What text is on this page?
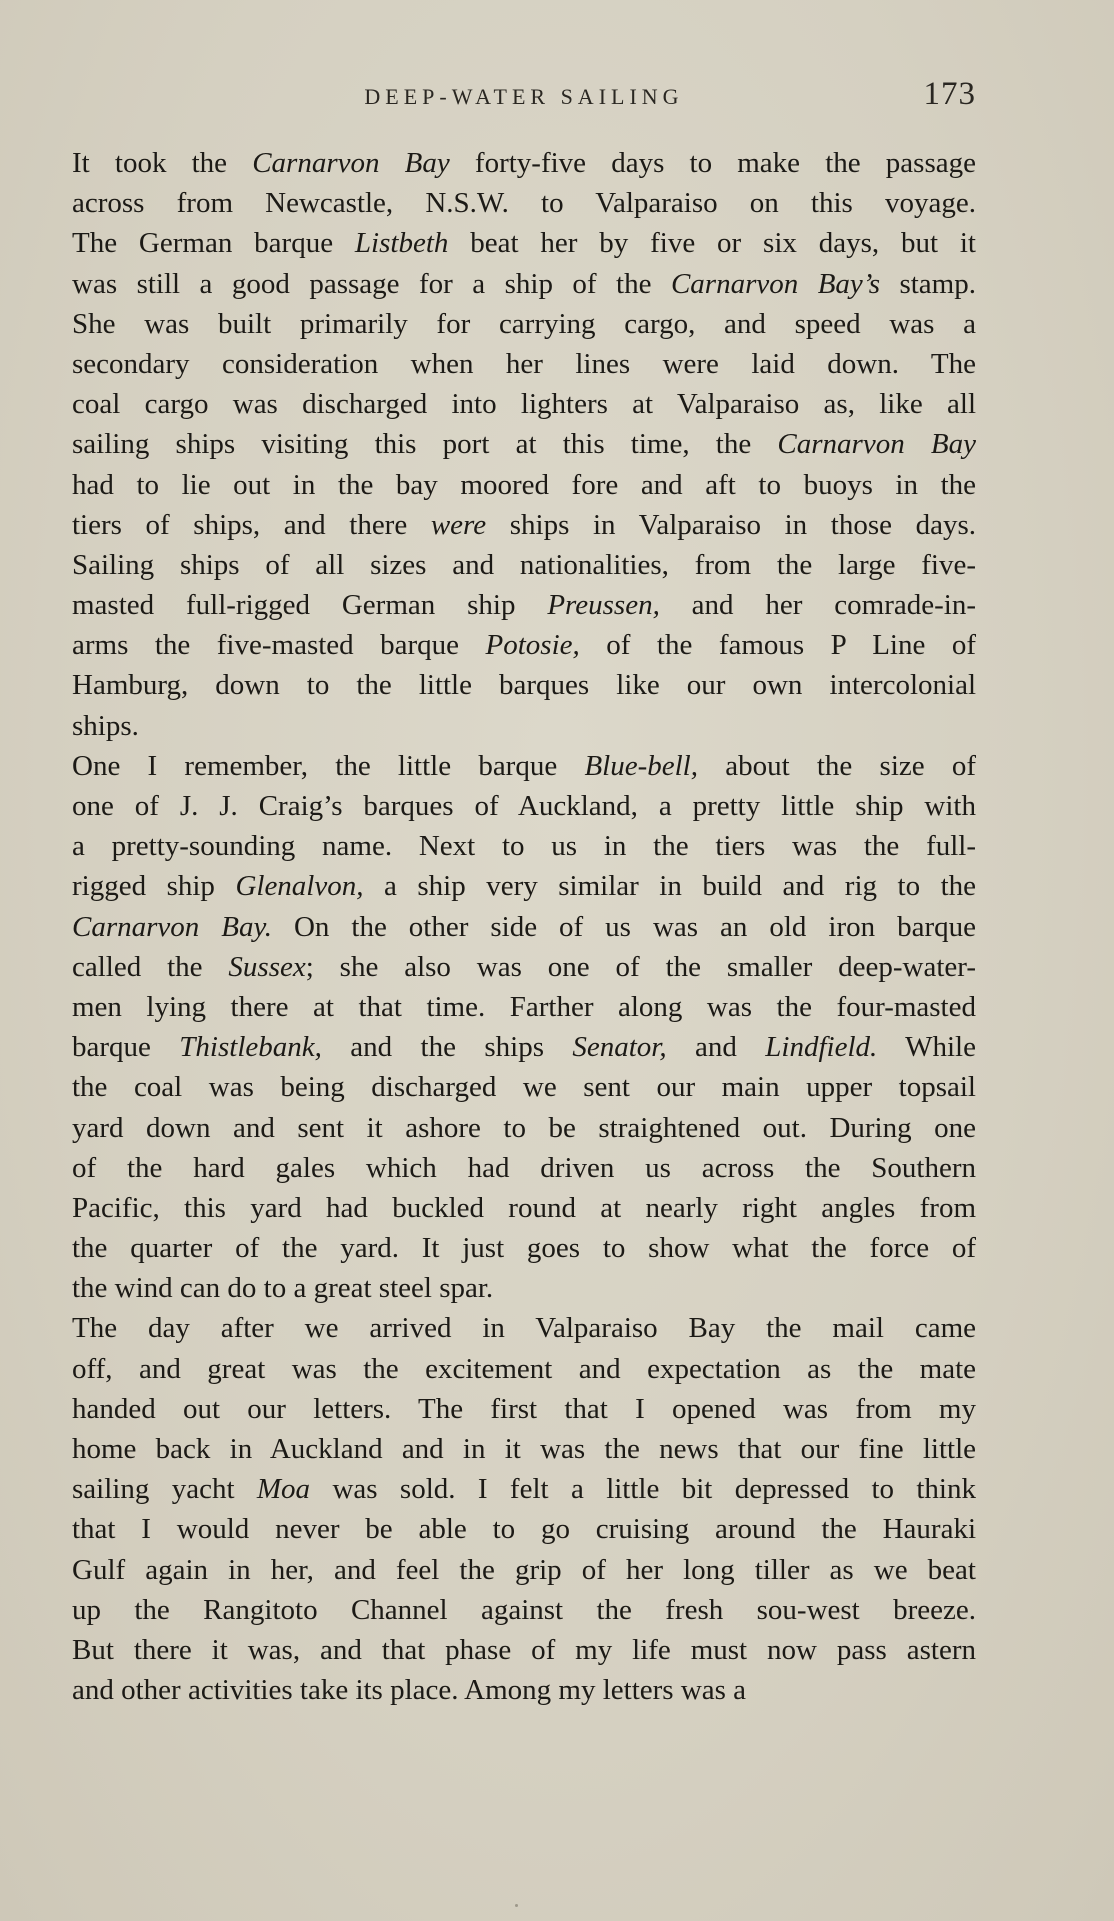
DEEP-WATER SAILING	173
It took the Carnarvon Bay forty-five days to make the passage
across from Newcastle, N.S.W. to Valparaiso on this voyage.
The German barque Listbeth beat her by five or six days, but it
was still a good passage for a ship of the Carnarvon Bay’s stamp.
She was built primarily for carrying cargo, and speed was a
secondary consideration when her lines were laid down. The
coal cargo was discharged into lighters at Valparaiso as, like all
sailing ships visiting this port at this time, the Carnarvon Bay
had to lie out in the bay moored fore and aft to buoys in the
tiers of ships, and there were ships in Valparaiso in those days.
Sailing ships of all sizes and nationalities, from the large five-
masted full-rigged German ship Preussen, and her comrade-in-
arms the five-masted barque Potosie, of the famous P Line of
Hamburg, down to the little barques like our own intercolonial
ships.
One I remember, the little barque Blue-bell, about the size of
one of J. J. Craig’s barques of Auckland, a pretty little ship with
a pretty-sounding name. Next to us in the tiers was the full-
rigged ship Glenalvon, a ship very similar in build and rig to the
Carnarvon Bay. On the other side of us was an old iron barque
called the Sussex; she also was one of the smaller deep-water-
men lying there at that time. Farther along was the four-masted
barque Thistlebank, and the ships Senator, and Lindfield. While
the coal was being discharged we sent our main upper topsail
yard down and sent it ashore to be straightened out. During one
of the hard gales which had driven us across the Southern
Pacific, this yard had buckled round at nearly right angles from
the quarter of the yard. It just goes to show what the force of
the wind can do to a great steel spar.
The day after we arrived in Valparaiso Bay the mail came
off, and great was the excitement and expectation as the mate
handed out our letters. The first that I opened was from my
home back in Auckland and in it was the news that our fine little
sailing yacht Moa was sold. I felt a little bit depressed to think
that I would never be able to go cruising around the Hauraki
Gulf again in her, and feel the grip of her long tiller as we beat
up the Rangitoto Channel against the fresh sou-west breeze.
But there it was, and that phase of my life must now pass astern
and other activities take its place. Among my letters was a
